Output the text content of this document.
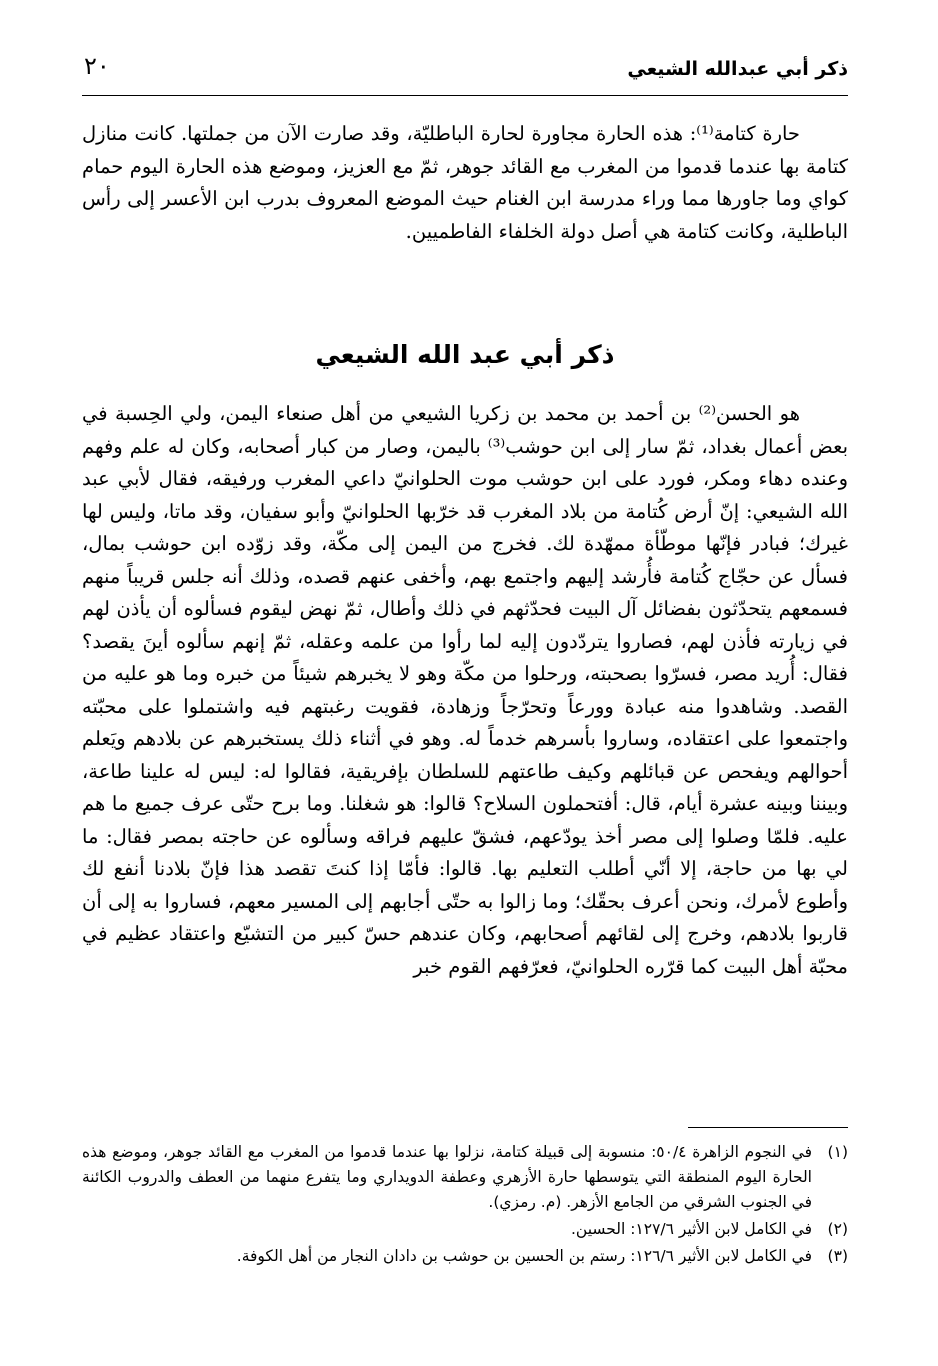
٢٠	ذكر أبي عبدالله الشيعي

حارة كتامة⁽¹⁾: هذه الحارة مجاورة لحارة الباطليّة، وقد صارت الآن من جملتها. كانت منازل كتامة بها عندما قدموا من المغرب مع القائد جوهر، ثمّ مع العزيز، وموضع هذه الحارة اليوم حمام كواي وما جاورها مما وراء مدرسة ابن الغنام حيث الموضع المعروف بدرب ابن الأعسر إلى رأس الباطلية، وكانت كتامة هي أصل دولة الخلفاء الفاطميين.

ذكر أبي عبد الله الشيعي

هو الحسن⁽²⁾ بن أحمد بن محمد بن زكريا الشيعي من أهل صنعاء اليمن، ولي الحِسبة في بعض أعمال بغداد، ثمّ سار إلى ابن حوشب⁽³⁾ باليمن، وصار من كبار أصحابه، وكان له علم وفهم وعنده دهاء ومكر، فورد على ابن حوشب موت الحلوانيّ داعي المغرب ورفيقه، فقال لأبي عبد الله الشيعي: إنّ أرض كُتامة من بلاد المغرب قد خرّبها الحلوانيّ وأبو سفيان، وقد ماتا، وليس لها غيرك؛ فبادر فإنّها موطّأة ممهّدة لك. فخرج من اليمن إلى مكّة، وقد زوّده ابن حوشب بمال، فسأل عن حجّاج كُتامة فأُرشد إليهم واجتمع بهم، وأخفى عنهم قصده، وذلك أنه جلس قريباً منهم فسمعهم يتحدّثون بفضائل آل البيت فحدّثهم في ذلك وأطال، ثمّ نهض ليقوم فسألوه أن يأذن لهم في زيارته فأذن لهم، فصاروا يتردّدون إليه لما رأوا من علمه وعقله، ثمّ إنهم سألوه أينَ يقصد؟ فقال: أُريد مصر، فسرّوا بصحبته، ورحلوا من مكّة وهو لا يخبرهم شيئاً من خبره وما هو عليه من القصد. وشاهدوا منه عبادة وورعاً وتحرّجاً وزهادة، فقويت رغبتهم فيه واشتملوا على محبّته واجتمعوا على اعتقاده، وساروا بأسرهم خدماً له. وهو في أثناء ذلك يستخبرهم عن بلادهم ويَعلم أحوالهم ويفحص عن قبائلهم وكيف طاعتهم للسلطان بإفريقية، فقالوا له: ليس له علينا طاعة، وبيننا وبينه عشرة أيام، قال: أفتحملون السلاح؟ قالوا: هو شغلنا. وما برح حتّى عرف جميع ما هم عليه. فلمّا وصلوا إلى مصر أخذ يودّعهم، فشقّ عليهم فراقه وسألوه عن حاجته بمصر فقال: ما لي بها من حاجة، إلا أنّي أطلب التعليم بها. قالوا: فأمّا إذا كنتَ تقصد هذا فإنّ بلادنا أنفع لك وأطوع لأمرك، ونحن أعرف بحقّك؛ وما زالوا به حتّى أجابهم إلى المسير معهم، فساروا به إلى أن قاربوا بلادهم، وخرج إلى لقائهم أصحابهم، وكان عندهم حسّ كبير من التشيّع واعتقاد عظيم في محبّة أهل البيت كما قرّره الحلوانيّ، فعرّفهم القوم خبر

(١)
في النجوم الزاهرة ٥٠/٤: منسوبة إلى قبيلة كتامة، نزلوا بها عندما قدموا من المغرب مع القائد جوهر، وموضع هذه الحارة اليوم المنطقة التي يتوسطها حارة الأزهري وعطفة الدويداري وما يتفرع منهما من العطف والدروب الكائنة في الجنوب الشرقي من الجامع الأزهر. (م. رمزي).
(٢)
في الكامل لابن الأثير ١٢٧/٦: الحسين.
(٣)
في الكامل لابن الأثير ١٢٦/٦: رستم بن الحسين بن حوشب بن دادان النجار من أهل الكوفة.
